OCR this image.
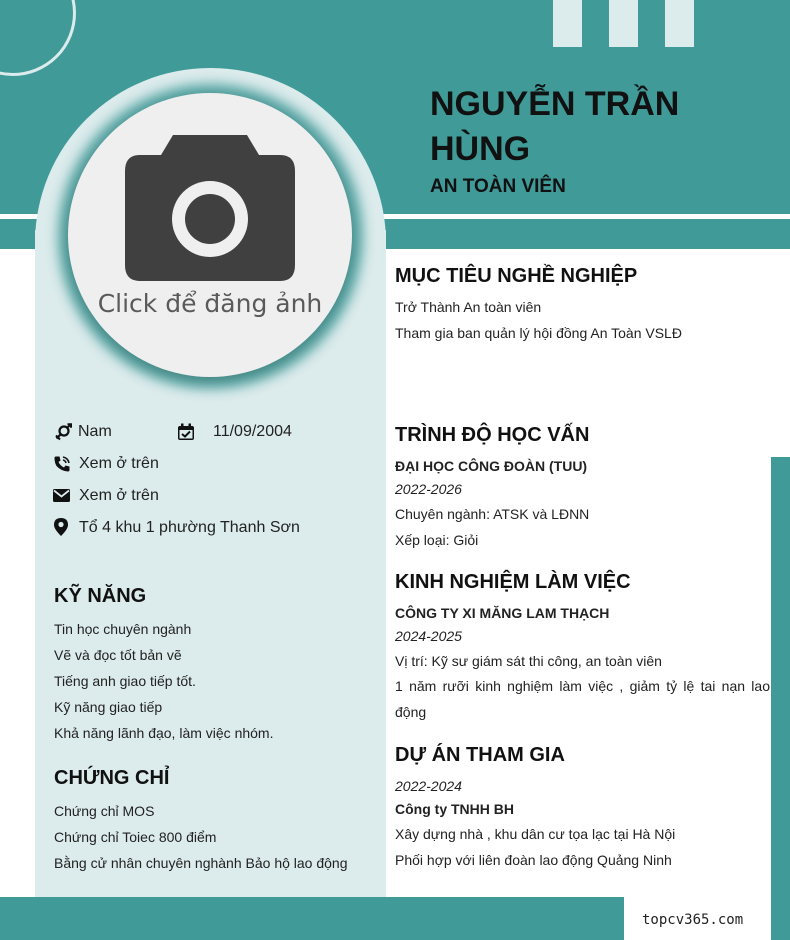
Click để đăng ảnh
NGUYỄN TRẦN HÙNG
AN TOÀN VIÊN
Nam	11/09/2004
Xem ở trên
Xem ở trên
Tổ 4 khu 1 phường Thanh Sơn
KỸ NĂNG
Tin học chuyên ngành
Vẽ và đọc tốt bản vẽ
Tiếng anh giao tiếp tốt.
Kỹ năng giao tiếp
Khả năng lãnh đạo, làm việc nhóm.
CHỨNG CHỈ
Chứng chỉ MOS
Chứng chỉ Toiec 800 điểm
Bằng cử nhân chuyên nghành Bảo hộ lao động
MỤC TIÊU NGHỀ NGHIỆP
Trở Thành An toàn viên
Tham gia ban quản lý hội đồng An Toàn VSLĐ
TRÌNH ĐỘ HỌC VẤN
ĐẠI HỌC CÔNG ĐOÀN (TUU)
2022-2026
Chuyên ngành: ATSK và LĐNN
Xếp loại: Giỏi
KINH NGHIỆM LÀM VIỆC
CÔNG TY XI MĂNG LAM THẠCH
2024-2025
Vị trí: Kỹ sư giám sát thi công, an toàn viên
1 năm rưỡi kinh nghiệm làm việc , giảm tỷ lệ tai nạn lao động
DỰ ÁN THAM GIA
2022-2024
Công ty TNHH BH
Xây dựng nhà , khu dân cư tọa lạc tại Hà Nội
Phối hợp với liên đoàn lao động Quảng Ninh
topcv365.com
